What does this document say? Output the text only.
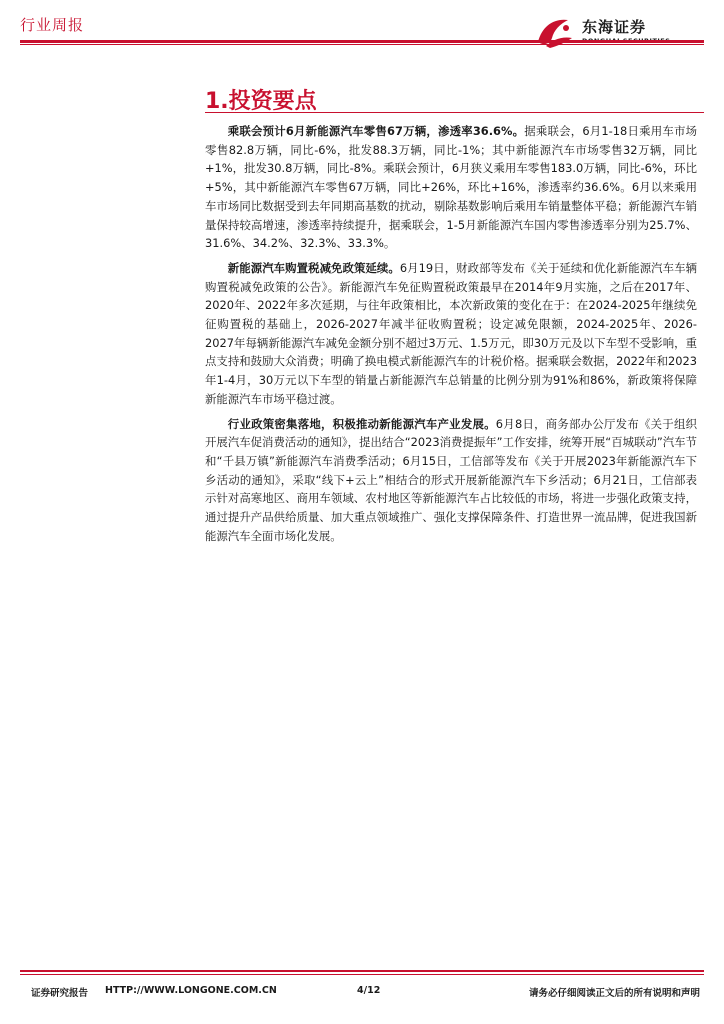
行业周报	东海证券
DONGHAI SECURITIES
1.投资要点

乘联会预计6月新能源汽车零售67万辆，渗透率36.6%。据乘联会，6月1-18日乘用车市场零售82.8万辆，同比-6%，批发88.3万辆，同比-1%；其中新能源汽车市场零售32万辆，同比+1%，批发30.8万辆，同比-8%。乘联会预计，6月狭义乘用车零售183.0万辆，同比-6%，环比+5%，其中新能源汽车零售67万辆，同比+26%，环比+16%，渗透率约36.6%。6月以来乘用车市场同比数据受到去年同期高基数的扰动，剔除基数影响后乘用车销量整体平稳；新能源汽车销量保持较高增速，渗透率持续提升，据乘联会，1-5月新能源汽车国内零售渗透率分别为25.7%、31.6%、34.2%、32.3%、33.3%。

新能源汽车购置税减免政策延续。6月19日，财政部等发布《关于延续和优化新能源汽车车辆购置税减免政策的公告》。新能源汽车免征购置税政策最早在2014年9月实施，之后在2017年、2020年、2022年多次延期，与往年政策相比，本次新政策的变化在于：在2024-2025年继续免征购置税的基础上，2026-2027年减半征收购置税；设定减免限额，2024-2025年、2026-2027年每辆新能源汽车减免金额分别不超过3万元、1.5万元，即30万元及以下车型不受影响，重点支持和鼓励大众消费；明确了换电模式新能源汽车的计税价格。据乘联会数据，2022年和2023年1-4月，30万元以下车型的销量占新能源汽车总销量的比例分别为91%和86%，新政策将保障新能源汽车市场平稳过渡。

行业政策密集落地，积极推动新能源汽车产业发展。6月8日，商务部办公厅发布《关于组织开展汽车促消费活动的通知》，提出结合“2023消费提振年”工作安排，统筹开展“百城联动”汽车节和“千县万镇”新能源汽车消费季活动；6月15日，工信部等发布《关于开展2023年新能源汽车下乡活动的通知》，采取“线下+云上”相结合的形式开展新能源汽车下乡活动；6月21日，工信部表示针对高寒地区、商用车领域、农村地区等新能源汽车占比较低的市场，将进一步强化政策支持，通过提升产品供给质量、加大重点领域推广、强化支撑保障条件、打造世界一流品牌，促进我国新能源汽车全面市场化发展。

证券研究报告 HTTP://WWW.LONGONE.COM.CN	4/12	请务必仔细阅读正文后的所有说明和声明
